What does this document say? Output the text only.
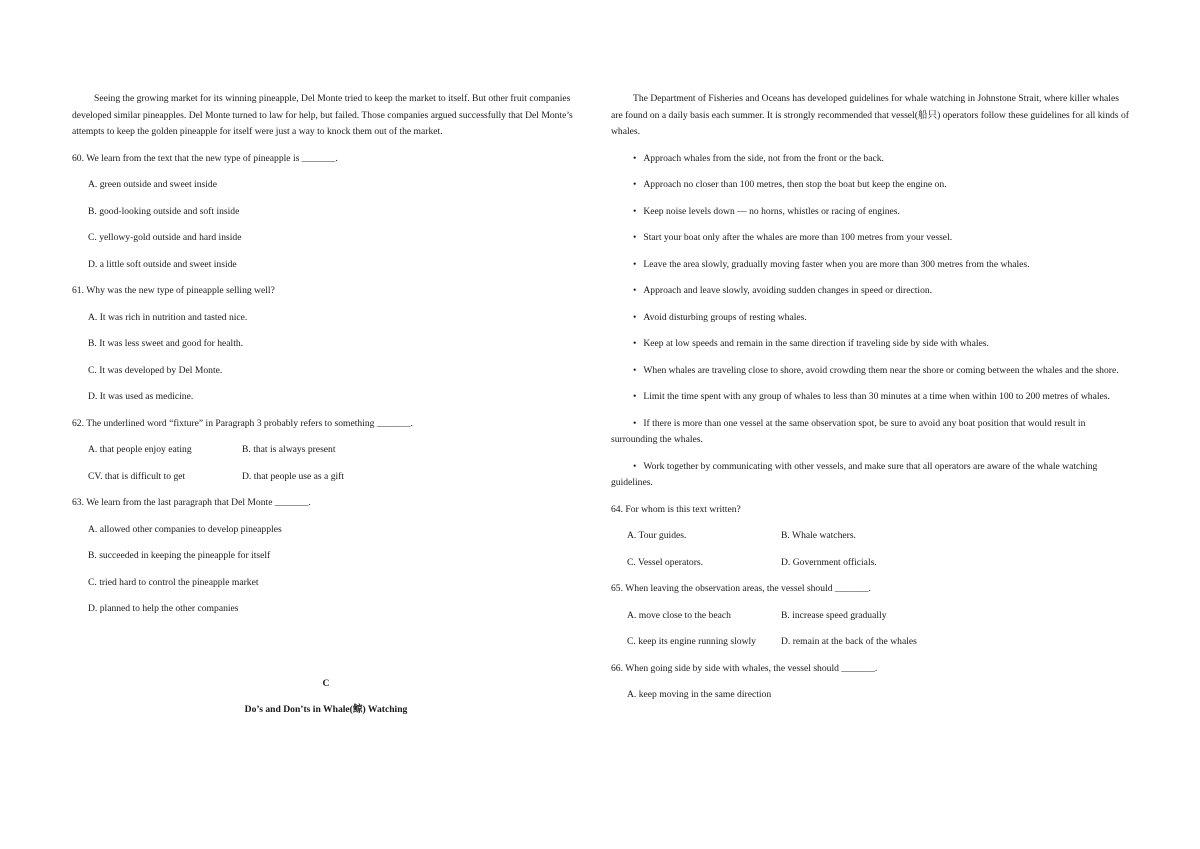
Seeing the growing market for its winning pineapple, Del Monte tried to keep the market to itself. But other fruit companies developed similar pineapples. Del Monte turned to law for help, but failed. Those companies argued successfully that Del Monte’s attempts to keep the golden pineapple for itself were just a way to knock them out of the market.

60. We learn from the text that the new type of pineapple is _______.

A. green outside and sweet inside

B. good-looking outside and soft inside

C. yellowy-gold outside and hard inside

D. a little soft outside and sweet inside

61. Why was the new type of pineapple selling well?

A. It was rich in nutrition and tasted nice.

B. It was less sweet and good for health.

C. It was developed by Del Monte.

D. It was used as medicine.

62. The underlined word “fixture” in Paragraph 3 probably refers to something _______.

A. that people enjoy eating	B. that is always present
CV. that is difficult to get	D. that people use as a gift

63. We learn from the last paragraph that Del Monte _______.

A. allowed other companies to develop pineapples

B. succeeded in keeping the pineapple for itself

C. tried hard to control the pineapple market

D. planned to help the other companies

C

Do’s and Don’ts in Whale(鲸) Watching

The Department of Fisheries and Oceans has developed guidelines for whale watching in Johnstone Strait, where killer whales are found on a daily basis each summer. It is strongly recommended that vessel(船只) operators follow these guidelines for all kinds of whales.

• Approach whales from the side, not from the front or the back.

• Approach no closer than 100 metres, then stop the boat but keep the engine on.

• Keep noise levels down — no horns, whistles or racing of engines.

• Start your boat only after the whales are more than 100 metres from your vessel.

• Leave the area slowly, gradually moving faster when you are more than 300 metres from the whales.

• Approach and leave slowly, avoiding sudden changes in speed or direction.

• Avoid disturbing groups of resting whales.

• Keep at low speeds and remain in the same direction if traveling side by side with whales.

• When whales are traveling close to shore, avoid crowding them near the shore or coming between the whales and the shore.

• Limit the time spent with any group of whales to less than 30 minutes at a time when within 100 to 200 metres of whales.

• If there is more than one vessel at the same observation spot, be sure to avoid any boat position that would result in surrounding the whales.

• Work together by communicating with other vessels, and make sure that all operators are aware of the whale watching guidelines.

64. For whom is this text written?

A. Tour guides.	B. Whale watchers.
C. Vessel operators.	D. Government officials.

65. When leaving the observation areas, the vessel should _______.

A. move close to the beach	B. increase speed gradually
C. keep its engine running slowly	D. remain at the back of the whales

66. When going side by side with whales, the vessel should _______.

A. keep moving in the same direction
